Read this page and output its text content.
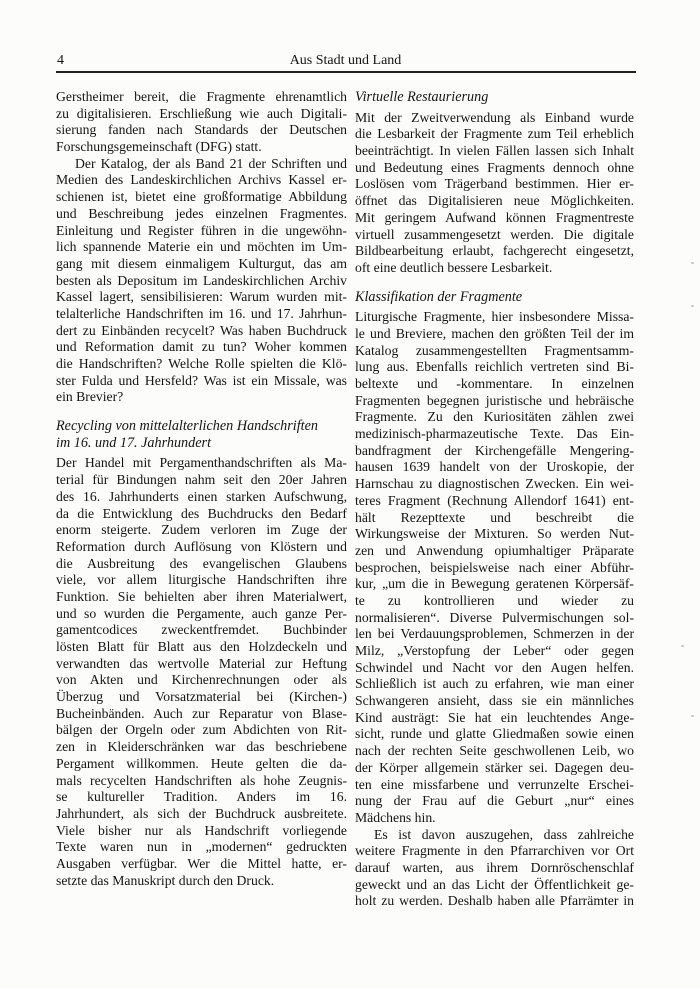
4	Aus Stadt und Land
Gerstheimer bereit, die Fragmente ehrenamtlich
zu digitalisieren. Erschließung wie auch Digitali-
sierung fanden nach Standards der Deutschen
Forschungsgemeinschaft (DFG) statt.
Der Katalog, der als Band 21 der Schriften und
Medien des Landeskirchlichen Archivs Kassel er-
schienen ist, bietet eine großformatige Abbildung
und Beschreibung jedes einzelnen Fragmentes.
Einleitung und Register führen in die ungewöhn-
lich spannende Materie ein und möchten im Um-
gang mit diesem einmaligem Kulturgut, das am
besten als Depositum im Landeskirchlichen Archiv
Kassel lagert, sensibilisieren: Warum wurden mit-
telalterliche Handschriften im 16. und 17. Jahrhun-
dert zu Einbänden recycelt? Was haben Buchdruck
und Reformation damit zu tun? Woher kommen
die Handschriften? Welche Rolle spielten die Klö-
ster Fulda und Hersfeld? Was ist ein Missale, was
ein Brevier?
Recycling von mittelalterlichen Handschriften
im 16. und 17. Jahrhundert
Der Handel mit Pergamenthandschriften als Ma-
terial für Bindungen nahm seit den 20er Jahren
des 16. Jahrhunderts einen starken Aufschwung,
da die Entwicklung des Buchdrucks den Bedarf
enorm steigerte. Zudem verloren im Zuge der
Reformation durch Auflösung von Klöstern und
die Ausbreitung des evangelischen Glaubens
viele, vor allem liturgische Handschriften ihre
Funktion. Sie behielten aber ihren Materialwert,
und so wurden die Pergamente, auch ganze Per-
gamentcodices zweckentfremdet. Buchbinder
lösten Blatt für Blatt aus den Holzdeckeln und
verwandten das wertvolle Material zur Heftung
von Akten und Kirchenrechnungen oder als
Überzug und Vorsatzmaterial bei (Kirchen-)
Bucheinbänden. Auch zur Reparatur von Blase-
bälgen der Orgeln oder zum Abdichten von Rit-
zen in Kleiderschränken war das beschriebene
Pergament willkommen. Heute gelten die da-
mals recycelten Handschriften als hohe Zeugnis-
se kultureller Tradition. Anders im 16.
Jahrhundert, als sich der Buchdruck ausbreitete.
Viele bisher nur als Handschrift vorliegende
Texte waren nun in „modernen“ gedruckten
Ausgaben verfügbar. Wer die Mittel hatte, er-
setzte das Manuskript durch den Druck.
Virtuelle Restaurierung
Mit der Zweitverwendung als Einband wurde
die Lesbarkeit der Fragmente zum Teil erheblich
beeinträchtigt. In vielen Fällen lassen sich Inhalt
und Bedeutung eines Fragments dennoch ohne
Loslösen vom Trägerband bestimmen. Hier er-
öffnet das Digitalisieren neue Möglichkeiten.
Mit geringem Aufwand können Fragmentreste
virtuell zusammengesetzt werden. Die digitale
Bildbearbeitung erlaubt, fachgerecht eingesetzt,
oft eine deutlich bessere Lesbarkeit.
Klassifikation der Fragmente
Liturgische Fragmente, hier insbesondere Missa-
le und Breviere, machen den größten Teil der im
Katalog zusammengestellten Fragmentsamm-
lung aus. Ebenfalls reichlich vertreten sind Bi-
beltexte und -kommentare. In einzelnen
Fragmenten begegnen juristische und hebräische
Fragmente. Zu den Kuriositäten zählen zwei
medizinisch-pharmazeutische Texte. Das Ein-
bandfragment der Kirchengefälle Mengering-
hausen 1639 handelt von der Uroskopie, der
Harnschau zu diagnostischen Zwecken. Ein wei-
teres Fragment (Rechnung Allendorf 1641) ent-
hält Rezepttexte und beschreibt die
Wirkungsweise der Mixturen. So werden Nut-
zen und Anwendung opiumhaltiger Präparate
besprochen, beispielsweise nach einer Abführ-
kur, „um die in Bewegung geratenen Körpersäf-
te zu kontrollieren und wieder zu
normalisieren“. Diverse Pulvermischungen sol-
len bei Verdauungsproblemen, Schmerzen in der
Milz, „Verstopfung der Leber“ oder gegen
Schwindel und Nacht vor den Augen helfen.
Schließlich ist auch zu erfahren, wie man einer
Schwangeren ansieht, dass sie ein männliches
Kind austrägt: Sie hat ein leuchtendes Ange-
sicht, runde und glatte Gliedmaßen sowie einen
nach der rechten Seite geschwollenen Leib, wo
der Körper allgemein stärker sei. Dagegen deu-
ten eine missfarbene und verrunzelte Erschei-
nung der Frau auf die Geburt „nur“ eines
Mädchens hin.
Es ist davon auszugehen, dass zahlreiche
weitere Fragmente in den Pfarrarchiven vor Ort
darauf warten, aus ihrem Dornröschenschlaf
geweckt und an das Licht der Öffentlichkeit ge-
holt zu werden. Deshalb haben alle Pfarrämter in
